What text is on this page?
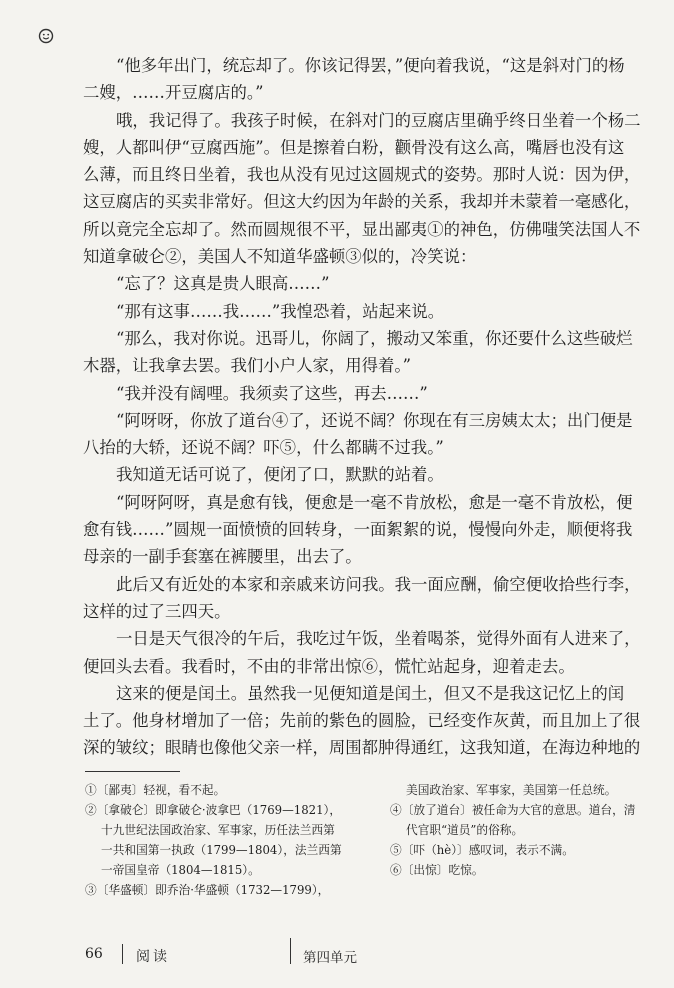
“他多年出门，统忘却了。你该记得罢，”便向着我说，“这是斜对门的杨

二嫂，……开豆腐店的。”

哦，我记得了。我孩子时候，在斜对门的豆腐店里确乎终日坐着一个杨二

嫂，人都叫伊“豆腐西施”。但是擦着白粉，颧骨没有这么高，嘴唇也没有这

么薄，而且终日坐着，我也从没有见过这圆规式的姿势。那时人说：因为伊，

这豆腐店的买卖非常好。但这大约因为年龄的关系，我却并未蒙着一毫感化，

所以竟完全忘却了。然而圆规很不平，显出鄙夷①的神色，仿佛嗤笑法国人不

知道拿破仑②，美国人不知道华盛顿③似的，冷笑说：

“忘了？这真是贵人眼高……”

“那有这事……我……”我惶恐着，站起来说。

“那么，我对你说。迅哥儿，你阔了，搬动又笨重，你还要什么这些破烂

木器，让我拿去罢。我们小户人家，用得着。”

“我并没有阔哩。我须卖了这些，再去……”

“阿呀呀，你放了道台④了，还说不阔？你现在有三房姨太太；出门便是

八抬的大轿，还说不阔？吓⑤，什么都瞒不过我。”

我知道无话可说了，便闭了口，默默的站着。

“阿呀阿呀，真是愈有钱，便愈是一毫不肯放松，愈是一毫不肯放松，便

愈有钱……”圆规一面愤愤的回转身，一面絮絮的说，慢慢向外走，顺便将我

母亲的一副手套塞在裤腰里，出去了。

此后又有近处的本家和亲戚来访问我。我一面应酬，偷空便收拾些行李，

这样的过了三四天。

一日是天气很冷的午后，我吃过午饭，坐着喝茶，觉得外面有人进来了，

便回头去看。我看时，不由的非常出惊⑥，慌忙站起身，迎着走去。

这来的便是闰土。虽然我一见便知道是闰土，但又不是我这记忆上的闰

土了。他身材增加了一倍；先前的紫色的圆脸，已经变作灰黄，而且加上了很

深的皱纹；眼睛也像他父亲一样，周围都肿得通红，这我知道，在海边种地的

①〔鄙夷〕轻视，看不起。

②〔拿破仑〕即拿破仑·波拿巴（1769—1821），

十九世纪法国政治家、军事家，历任法兰西第

一共和国第一执政（1799—1804），法兰西第

一帝国皇帝（1804—1815）。

③〔华盛顿〕即乔治·华盛顿（1732—1799），

美国政治家、军事家，美国第一任总统。

④〔放了道台〕被任命为大官的意思。道台，清

代官职“道员”的俗称。

⑤〔吓（hè）〕感叹词，表示不满。

⑥〔出惊〕吃惊。

66 阅读	第四单元
